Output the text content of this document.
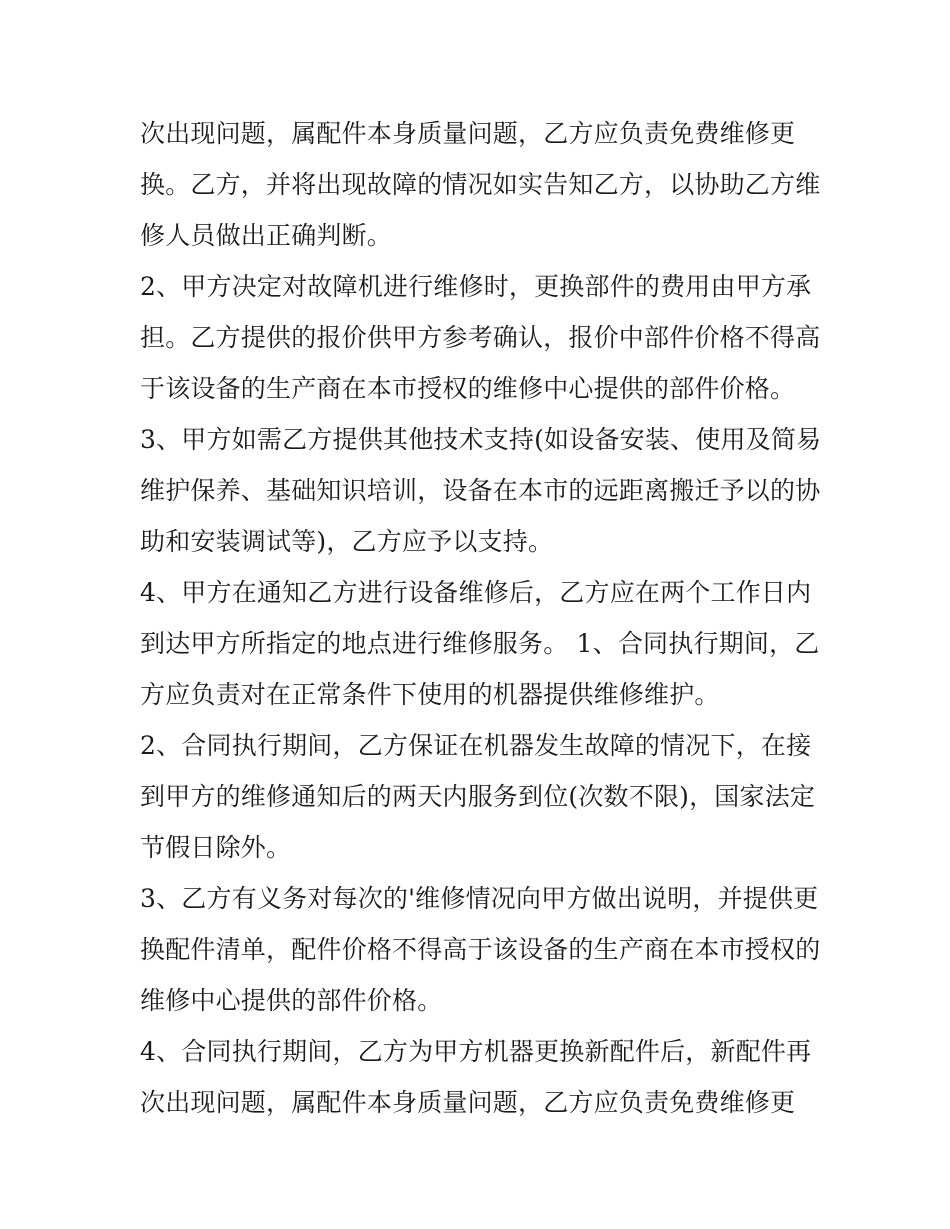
次出现问题，属配件本身质量问题，乙方应负责免费维修更
换。乙方，并将出现故障的情况如实告知乙方，以协助乙方维
修人员做出正确判断。
2、甲方决定对故障机进行维修时，更换部件的费用由甲方承
担。乙方提供的报价供甲方参考确认，报价中部件价格不得高
于该设备的生产商在本市授权的维修中心提供的部件价格。
3、甲方如需乙方提供其他技术支持(如设备安装、使用及简易
维护保养、基础知识培训，设备在本市的远距离搬迁予以的协
助和安装调试等)，乙方应予以支持。
4、甲方在通知乙方进行设备维修后，乙方应在两个工作日内
到达甲方所指定的地点进行维修服务。 1、合同执行期间，乙
方应负责对在正常条件下使用的机器提供维修维护。
2、合同执行期间，乙方保证在机器发生故障的情况下，在接
到甲方的维修通知后的两天内服务到位(次数不限)，国家法定
节假日除外。
3、乙方有义务对每次的'维修情况向甲方做出说明，并提供更
换配件清单，配件价格不得高于该设备的生产商在本市授权的
维修中心提供的部件价格。
4、合同执行期间，乙方为甲方机器更换新配件后，新配件再
次出现问题，属配件本身质量问题，乙方应负责免费维修更
